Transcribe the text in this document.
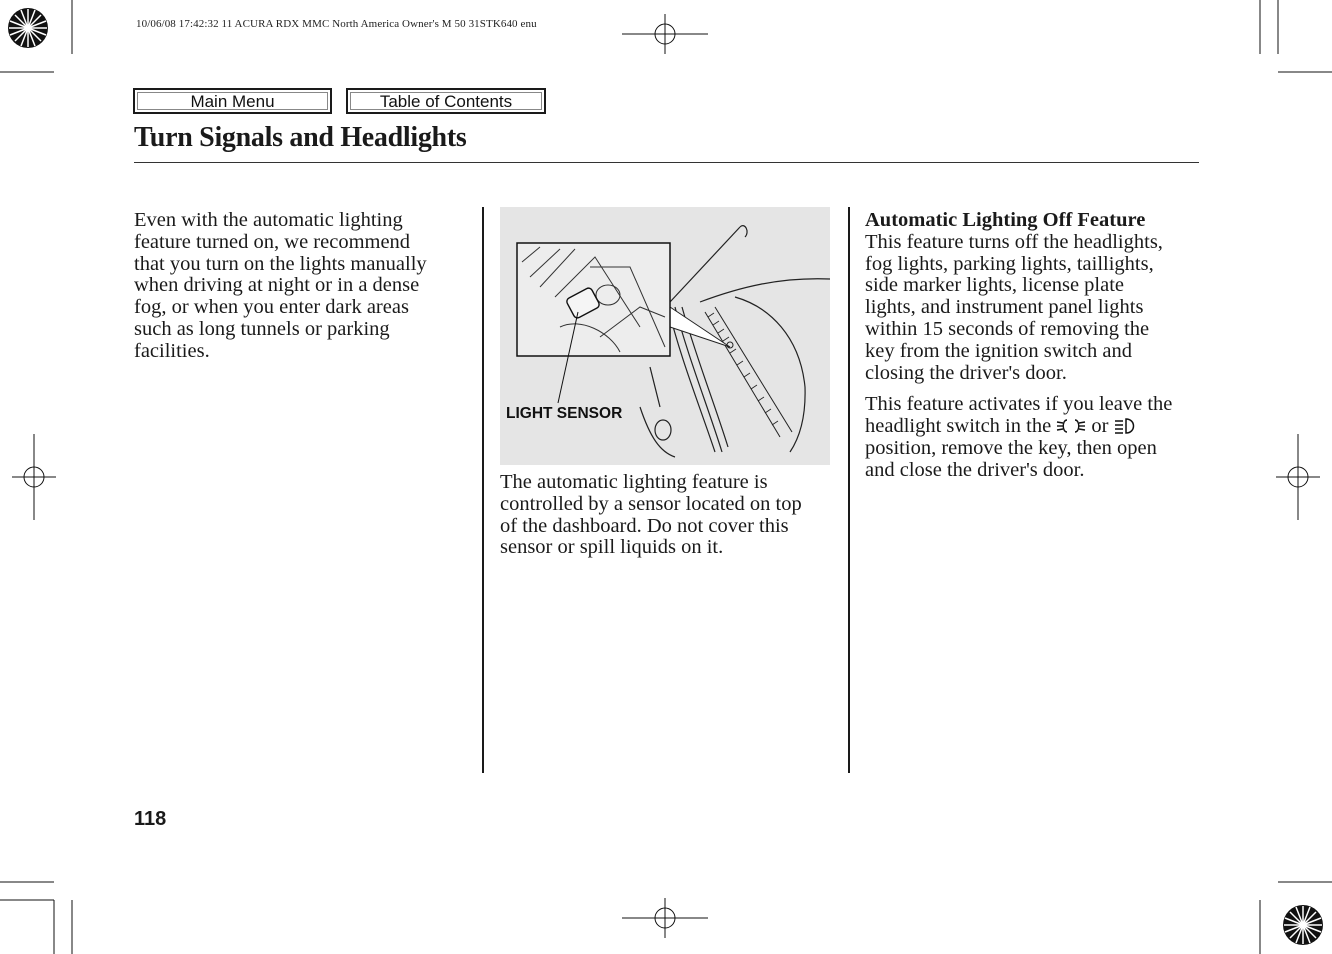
10/06/08 17:42:32 11 ACURA RDX MMC North America Owner's M 50 31STK640 enu
Main Menu	Table of Contents
Turn Signals and Headlights
Even with the automatic lighting
feature turned on, we recommend
that you turn on the lights manually
when driving at night or in a dense
fog, or when you enter dark areas
such as long tunnels or parking
facilities.
LIGHT SENSOR
The automatic lighting feature is
controlled by a sensor located on top
of the dashboard. Do not cover this
sensor or spill liquids on it.
Automatic Lighting Off Feature
This feature turns off the headlights,
fog lights, parking lights, taillights,
side marker lights, license plate
lights, and instrument panel lights
within 15 seconds of removing the
key from the ignition switch and
closing the driver's door.
This feature activates if you leave the
headlight switch in the or
position, remove the key, then open
and close the driver's door.
118
